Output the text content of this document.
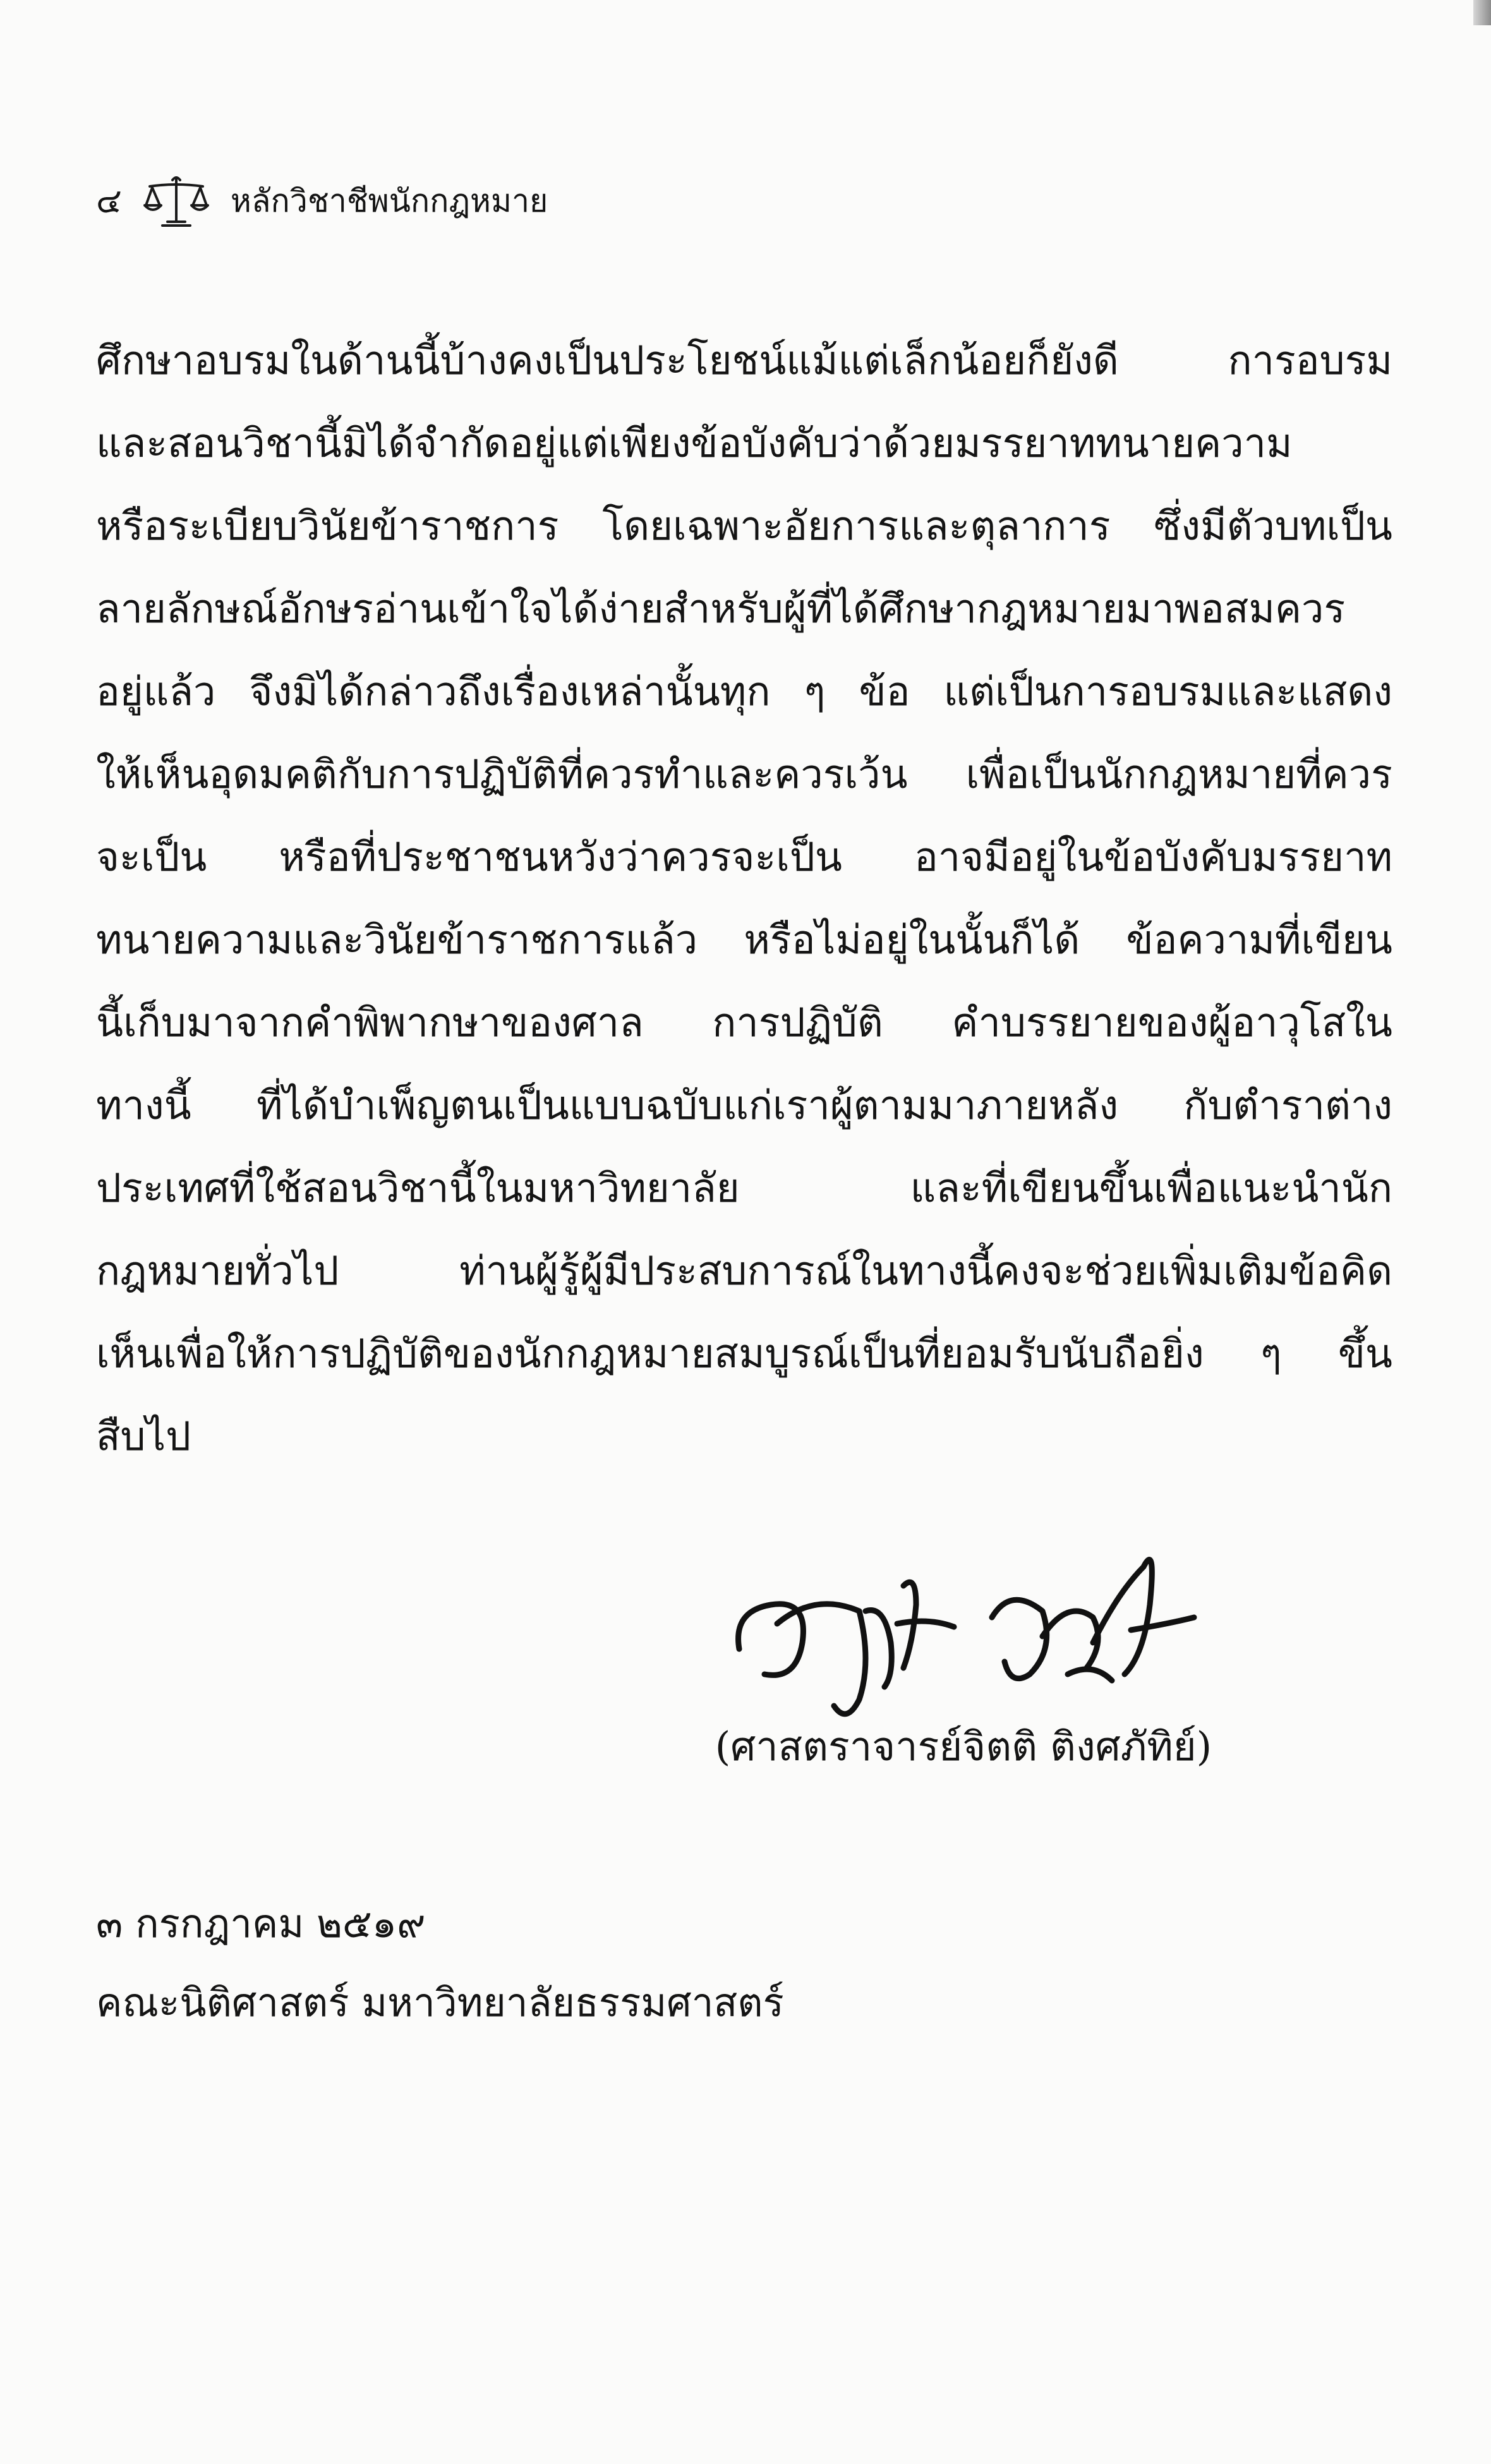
๔	หลักวิชาชีพนักกฎหมาย

ศึกษาอบรมในด้านนี้บ้างคงเป็นประโยชน์แม้แต่เล็กน้อยก็ยังดี การอบรม

และสอนวิชานี้มิได้จำกัดอยู่แต่เพียงข้อบังคับว่าด้วยมรรยาททนายความ

หรือระเบียบวินัยข้าราชการ โดยเฉพาะอัยการและตุลาการ ซึ่งมีตัวบทเป็น

ลายลักษณ์อักษรอ่านเข้าใจได้ง่ายสำหรับผู้ที่ได้ศึกษากฎหมายมาพอสมควร

อยู่แล้ว จึงมิได้กล่าวถึงเรื่องเหล่านั้นทุก ๆ ข้อ แต่เป็นการอบรมและแสดง

ให้เห็นอุดมคติกับการปฏิบัติที่ควรทำและควรเว้น เพื่อเป็นนักกฎหมายที่ควร

จะเป็น หรือที่ประชาชนหวังว่าควรจะเป็น อาจมีอยู่ในข้อบังคับมรรยาท

ทนายความและวินัยข้าราชการแล้ว หรือไม่อยู่ในนั้นก็ได้ ข้อความที่เขียน

นี้เก็บมาจากคำพิพากษาของศาล การปฏิบัติ คำบรรยายของผู้อาวุโสใน

ทางนี้ ที่ได้บำเพ็ญตนเป็นแบบฉบับแก่เราผู้ตามมาภายหลัง กับตำราต่าง

ประเทศที่ใช้สอนวิชานี้ในมหาวิทยาลัย และที่เขียนขึ้นเพื่อแนะนำนัก

กฎหมายทั่วไป ท่านผู้รู้ผู้มีประสบการณ์ในทางนี้คงจะช่วยเพิ่มเติมข้อคิด

เห็นเพื่อให้การปฏิบัติของนักกฎหมายสมบูรณ์เป็นที่ยอมรับนับถือยิ่ง ๆ ขึ้น

สืบไป

(ศาสตราจารย์จิตติ ติงศภัทิย์)
๓ กรกฎาคม ๒๕๑๙
คณะนิติศาสตร์ มหาวิทยาลัยธรรมศาสตร์
